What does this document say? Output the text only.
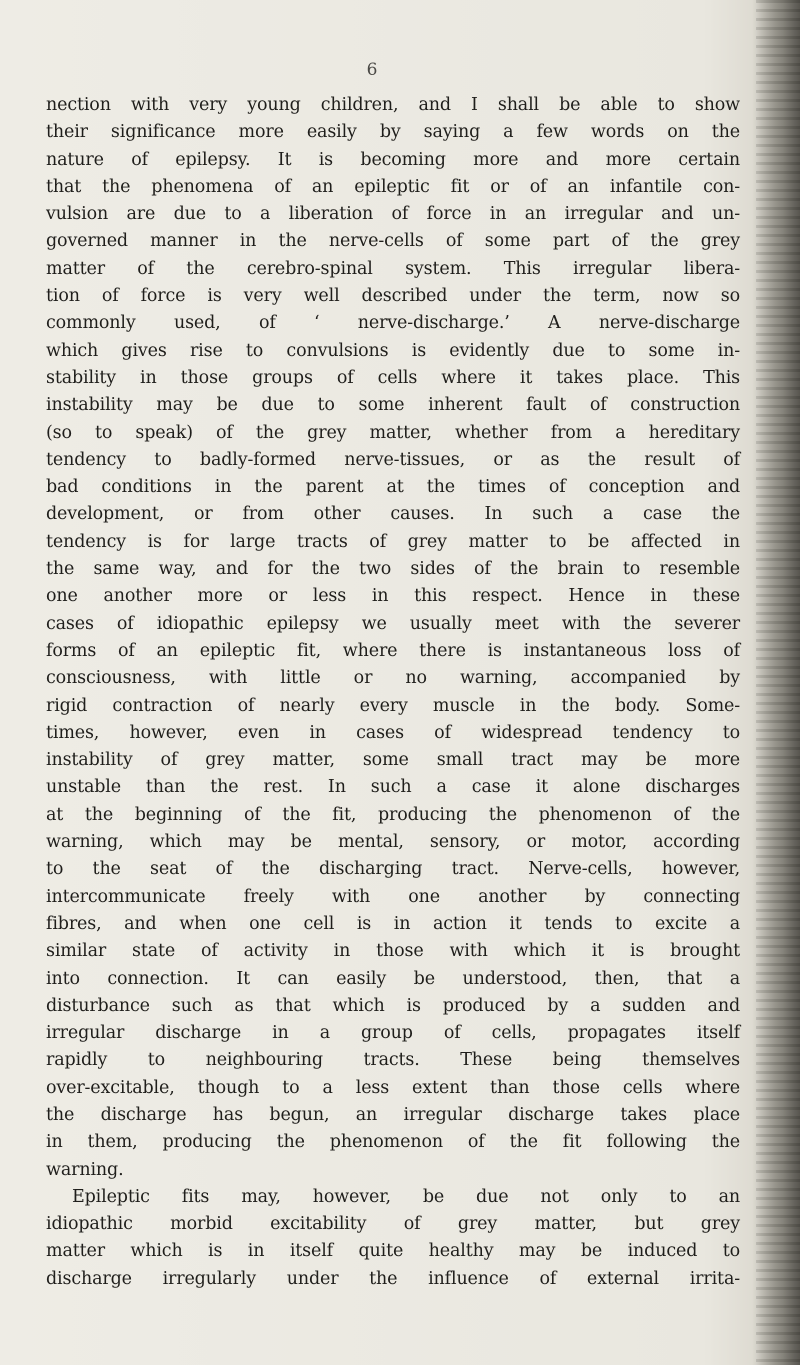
6
nection with very young children, and I shall be able to show
their significance more easily by saying a few words on the
nature of epilepsy. It is becoming more and more certain
that the phenomena of an epileptic fit or of an infantile con-
vulsion are due to a liberation of force in an irregular and un-
governed manner in the nerve-cells of some part of the grey
matter of the cerebro-spinal system. This irregular libera-
tion of force is very well described under the term, now so
commonly used, of ‘ nerve-discharge.’ A nerve-discharge
which gives rise to convulsions is evidently due to some in-
stability in those groups of cells where it takes place. This
instability may be due to some inherent fault of construction
(so to speak) of the grey matter, whether from a hereditary
tendency to badly-formed nerve-tissues, or as the result of
bad conditions in the parent at the times of conception and
development, or from other causes. In such a case the
tendency is for large tracts of grey matter to be affected in
the same way, and for the two sides of the brain to resemble
one another more or less in this respect. Hence in these
cases of idiopathic epilepsy we usually meet with the severer
forms of an epileptic fit, where there is instantaneous loss of
consciousness, with little or no warning, accompanied by
rigid contraction of nearly every muscle in the body. Some-
times, however, even in cases of widespread tendency to
instability of grey matter, some small tract may be more
unstable than the rest. In such a case it alone discharges
at the beginning of the fit, producing the phenomenon of the
warning, which may be mental, sensory, or motor, according
to the seat of the discharging tract. Nerve-cells, however,
intercommunicate freely with one another by connecting
fibres, and when one cell is in action it tends to excite a
similar state of activity in those with which it is brought
into connection. It can easily be understood, then, that a
disturbance such as that which is produced by a sudden and
irregular discharge in a group of cells, propagates itself
rapidly to neighbouring tracts. These being themselves
over-excitable, though to a less extent than those cells where
the discharge has begun, an irregular discharge takes place
in them, producing the phenomenon of the fit following the
warning.
Epileptic fits may, however, be due not only to an
idiopathic morbid excitability of grey matter, but grey
matter which is in itself quite healthy may be induced to
discharge irregularly under the influence of external irrita-
